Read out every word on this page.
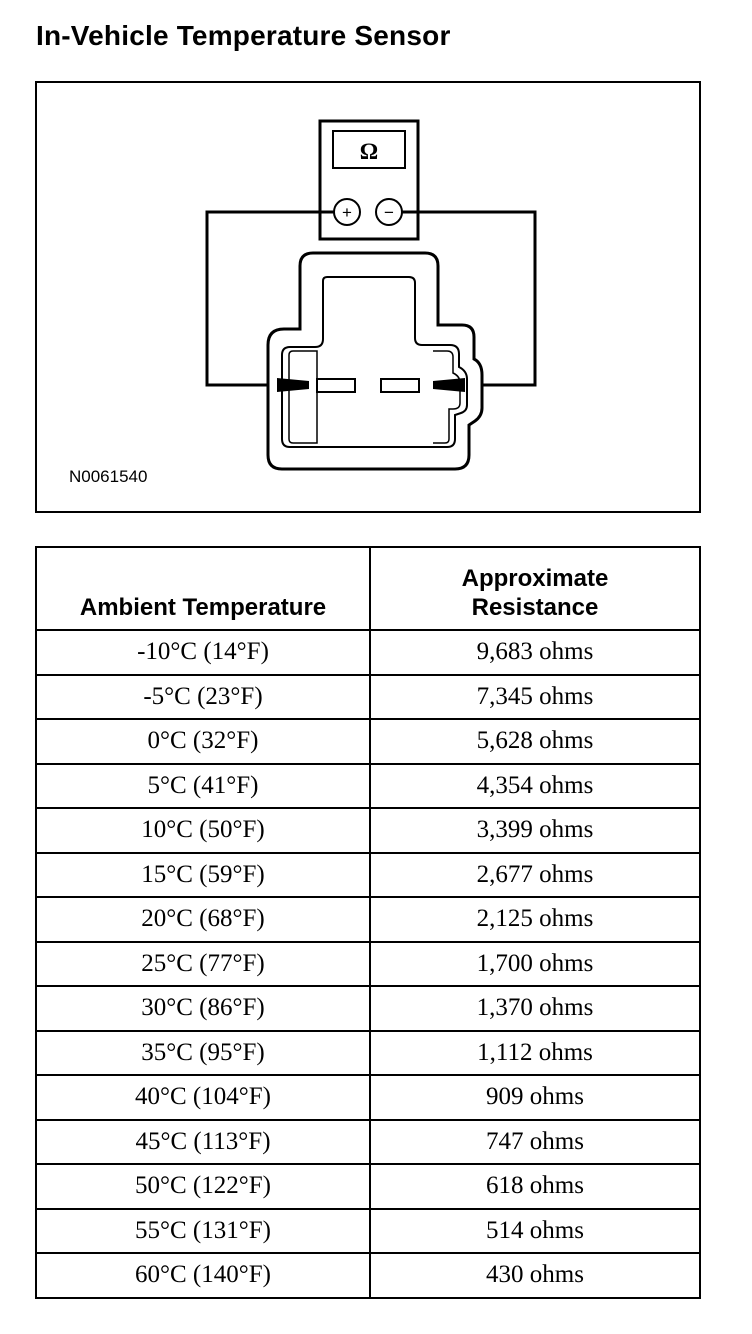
In-Vehicle Temperature Sensor
Ω
+ −
N0061540
Ambient Temperature	Approximate Resistance
-10°C (14°F)	9,683 ohms
-5°C (23°F)	7,345 ohms
0°C (32°F)	5,628 ohms
5°C (41°F)	4,354 ohms
10°C (50°F)	3,399 ohms
15°C (59°F)	2,677 ohms
20°C (68°F)	2,125 ohms
25°C (77°F)	1,700 ohms
30°C (86°F)	1,370 ohms
35°C (95°F)	1,112 ohms
40°C (104°F)	909 ohms
45°C (113°F)	747 ohms
50°C (122°F)	618 ohms
55°C (131°F)	514 ohms
60°C (140°F)	430 ohms
